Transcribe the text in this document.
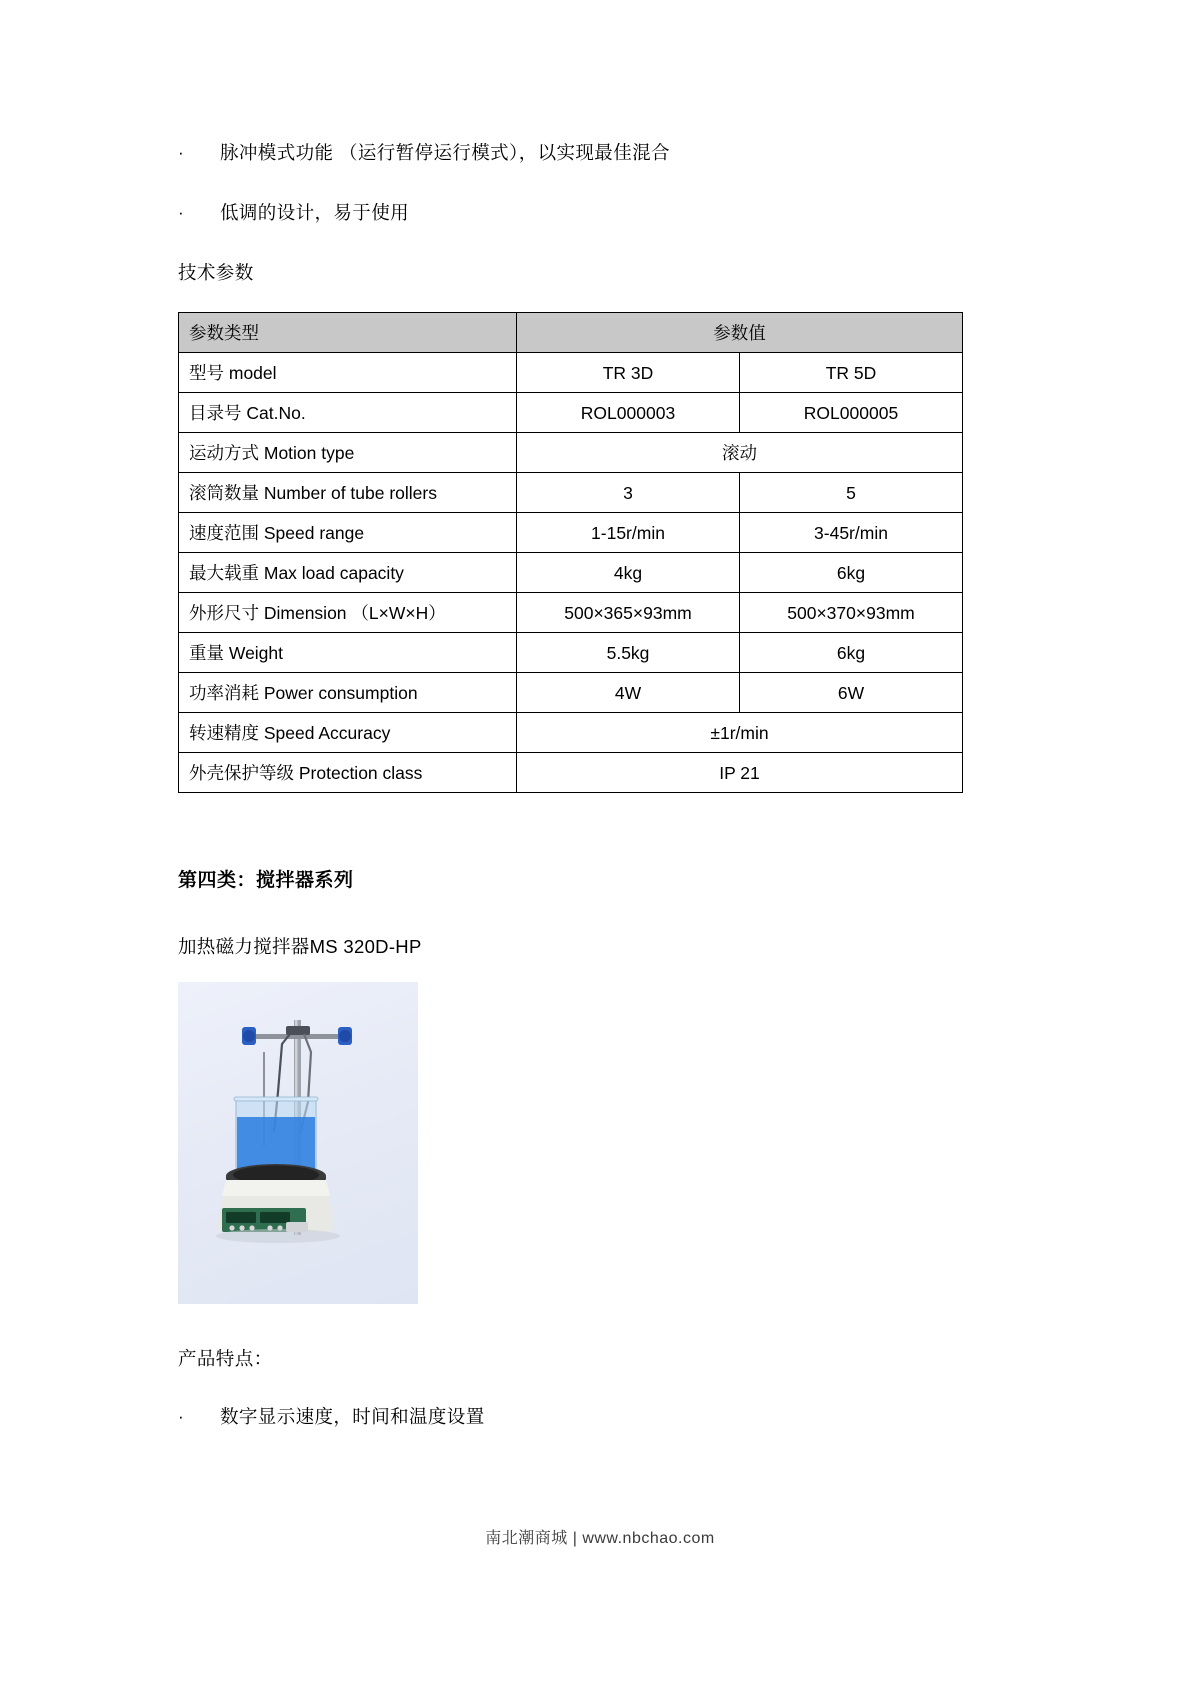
·	脉冲模式功能 （运行暂停运行模式），以实现最佳混合
·	低调的设计，易于使用
技术参数
参数类型	参数值	
型号 model	TR 3D	TR 5D
目录号 Cat.No.	ROL000003	ROL000005
运动方式 Motion type	滚动	
滚筒数量 Number of tube rollers	3	5
速度范围 Speed range	1-15r/min	3-45r/min
最大载重 Max load capacity	4kg	6kg
外形尺寸 Dimension （L×W×H）	500×365×93mm	500×370×93mm
重量 Weight	5.5kg	6kg
功率消耗 Power consumption	4W	6W
转速精度 Speed Accuracy	±1r/min	
外壳保护等级 Protection class	IP 21	
第四类：搅拌器系列
加热磁力搅拌器MS 320D-HP
产品特点：
·	数字显示速度，时间和温度设置
南北潮商城 | www.nbchao.com
